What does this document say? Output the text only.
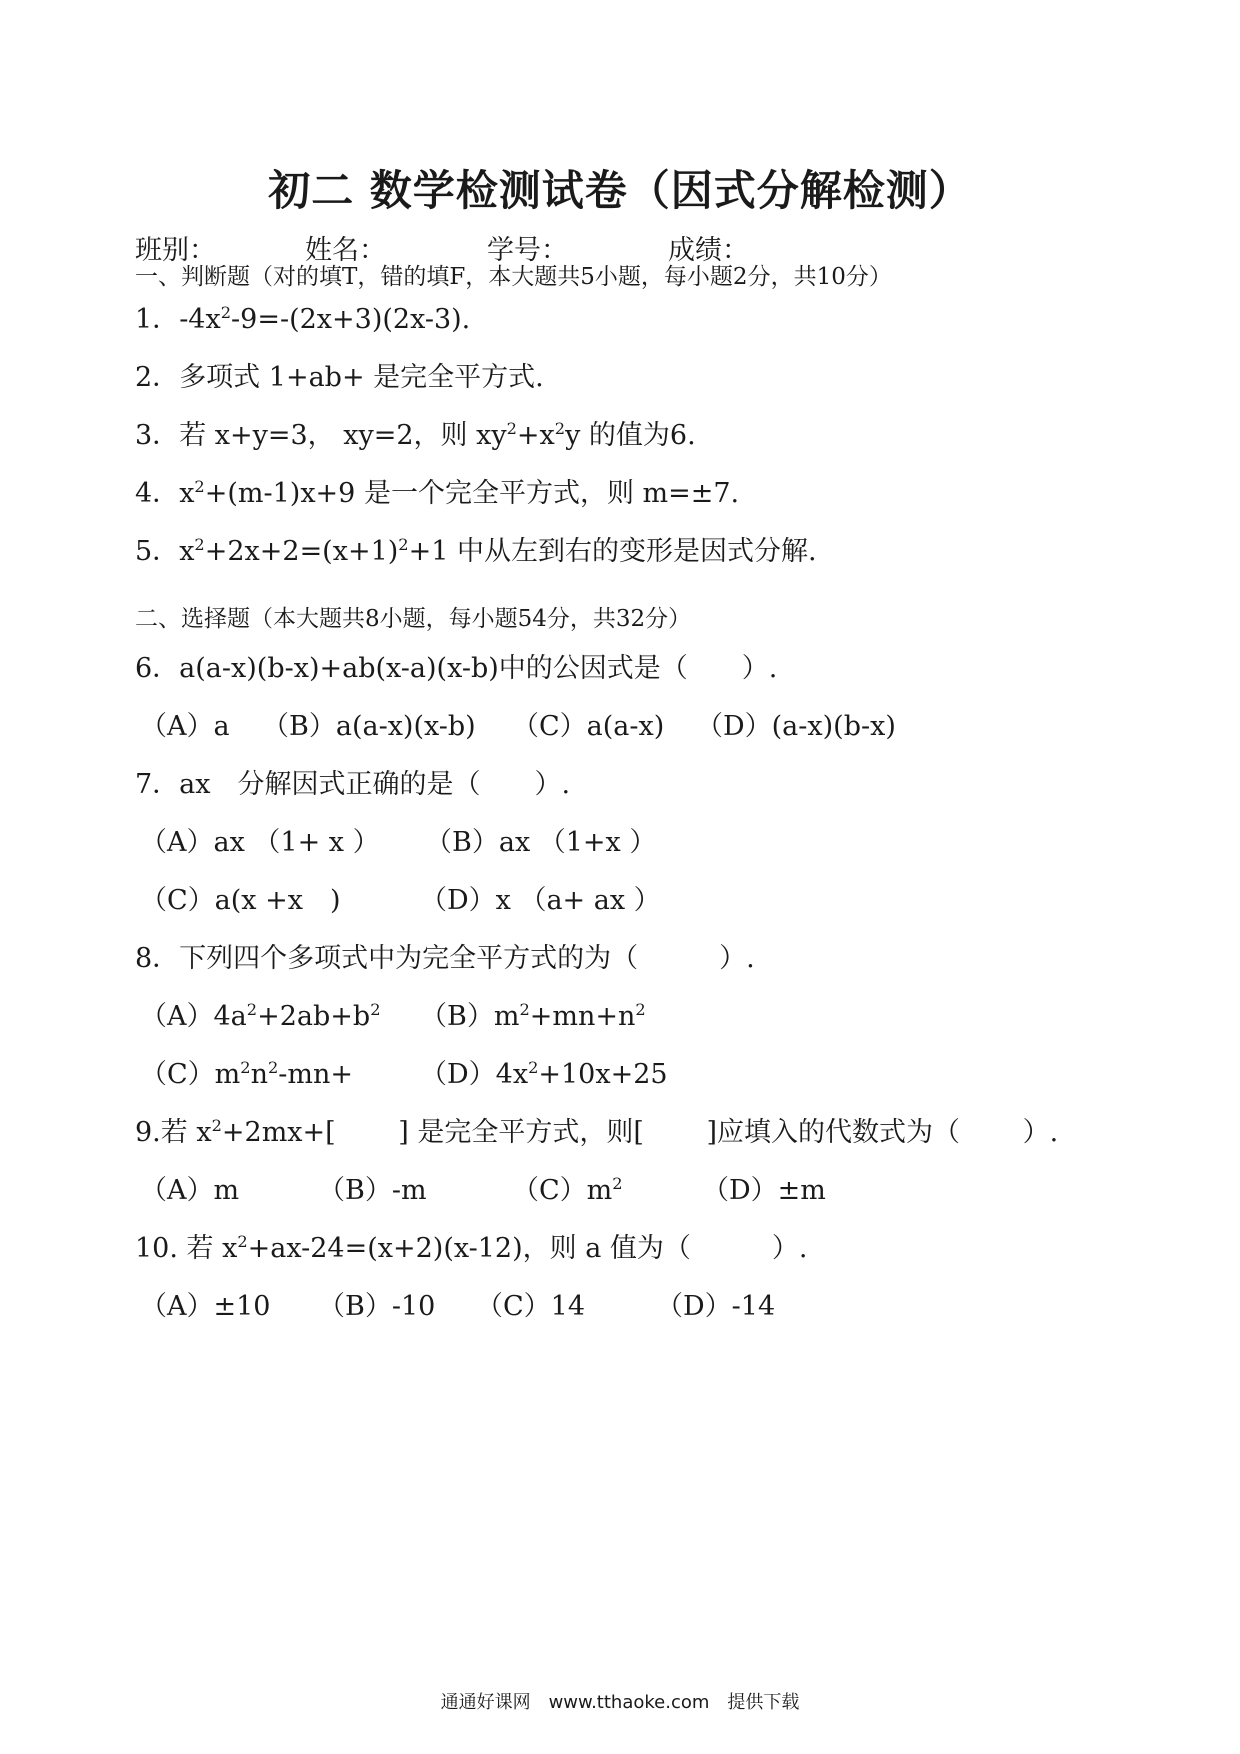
初二 数学检测试卷（因式分解检测）
班别：	姓名：	学号：	成绩：
一、判断题（对的填T，错的填F，本大题共5小题，每小题2分，共10分）
1．$-4x^2-9=-(2x+3)(2x-3)$.
2．多项式 1+ab+ 是完全平方式.
3．若 x+y=3， xy=2，则 $xy^2+x^2y$ 的值为6.
4．$x^2+(m-1)x+9$ 是一个完全平方式，则 m=±7.
5．$x^2+2x+2=(x+1)^2+1$ 中从左到右的变形是因式分解.
二、选择题（本大题共8小题，每小题54分，共32分）
6．a(a-x)(b-x)+ab(x-a)(x-b)中的公因式是（　　）.
（A）a （B）a(a-x)(x-b) （C）a(a-x) （D）(a-x)(b-x)
7．ax　分解因式正确的是（　　）.
（A）ax （1+ x ） （B）ax （1+x ）
（C）a(x +x　)	（D）x （a+ ax ）
8．下列四个多项式中为完全平方式的为（　　　）.
$(A)4a^2+2ab+b^2$ $(B)m^2+mn+n^2$
$(C)m^2n^2-mn+ (D)4x^2+10x+25$
9.若 $x^2+2mx+$[　　 ] 是完全平方式，则[　　 ]应填入的代数式为（　　 ）.
（A）m	（B）-m	$(C)m^2$	（D）±m
10. 若 $x^2+ax-24=(x+2)(x-12)$，则 a 值为（　　　）.
（A）±10 （B）-10 （C）14	（D）-14
通通好课网　www.tthaoke.com　提供下载
